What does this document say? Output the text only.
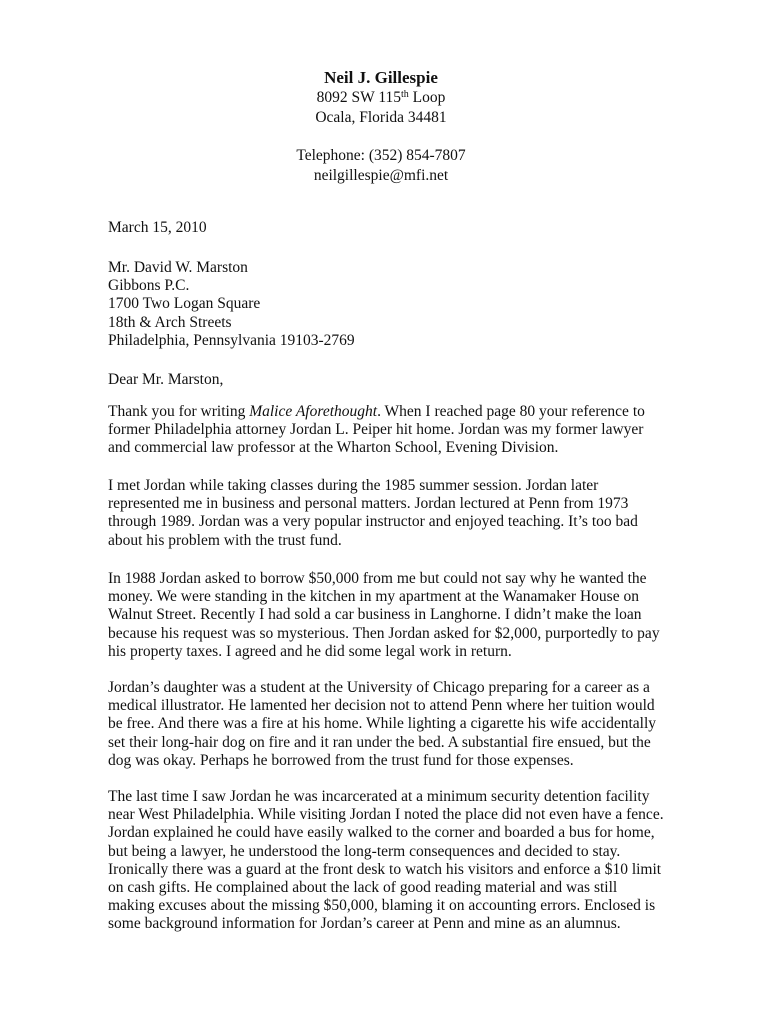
Neil J. Gillespie
8092 SW 115th Loop
Ocala, Florida 34481
Telephone: (352) 854-7807
neilgillespie@mfi.net
March 15, 2010
Mr. David W. Marston
Gibbons P.C.
1700 Two Logan Square
18th & Arch Streets
Philadelphia, Pennsylvania 19103-2769
Dear Mr. Marston,
Thank you for writing Malice Aforethought. When I reached page 80 your reference to
former Philadelphia attorney Jordan L. Peiper hit home. Jordan was my former lawyer
and commercial law professor at the Wharton School, Evening Division.
I met Jordan while taking classes during the 1985 summer session. Jordan later
represented me in business and personal matters. Jordan lectured at Penn from 1973
through 1989. Jordan was a very popular instructor and enjoyed teaching. It’s too bad
about his problem with the trust fund.
In 1988 Jordan asked to borrow $50,000 from me but could not say why he wanted the
money. We were standing in the kitchen in my apartment at the Wanamaker House on
Walnut Street. Recently I had sold a car business in Langhorne. I didn’t make the loan
because his request was so mysterious. Then Jordan asked for $2,000, purportedly to pay
his property taxes. I agreed and he did some legal work in return.
Jordan’s daughter was a student at the University of Chicago preparing for a career as a
medical illustrator. He lamented her decision not to attend Penn where her tuition would
be free. And there was a fire at his home. While lighting a cigarette his wife accidentally
set their long-hair dog on fire and it ran under the bed. A substantial fire ensued, but the
dog was okay. Perhaps he borrowed from the trust fund for those expenses.
The last time I saw Jordan he was incarcerated at a minimum security detention facility
near West Philadelphia. While visiting Jordan I noted the place did not even have a fence.
Jordan explained he could have easily walked to the corner and boarded a bus for home,
but being a lawyer, he understood the long-term consequences and decided to stay.
Ironically there was a guard at the front desk to watch his visitors and enforce a $10 limit
on cash gifts. He complained about the lack of good reading material and was still
making excuses about the missing $50,000, blaming it on accounting errors. Enclosed is
some background information for Jordan’s career at Penn and mine as an alumnus.
